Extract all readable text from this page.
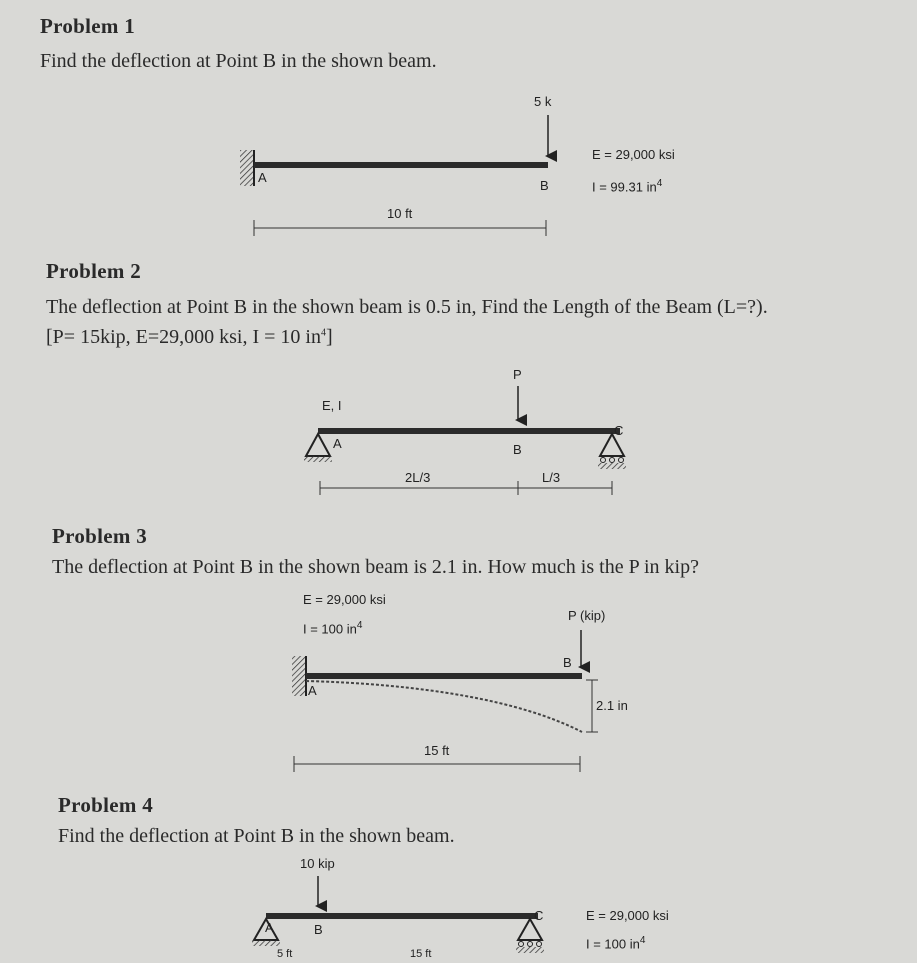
Problem 1
Find the deflection at Point B in the shown beam.
A
B
5 k
10 ft
E = 29,000 ksi
I = 99.31 $in^4$
Problem 2
The deflection at Point B in the shown beam is 0.5 in, Find the Length of the Beam (L=?).
[P= 15kip, E=29,000 ksi, I = 10 $in^4$]
E, I
P
A	B
C
2L/3	L/3
Problem 3
The deflection at Point B in the shown beam is 2.1 in. How much is the P in kip?
E = 29,000 ksi
I = 100 $in^4$
P (kip)
A
B
2.1 in
15 ft
Problem 4
Find the deflection at Point B in the shown beam.
10 kip
A	B
C
5 ft	15 ft
E = 29,000 ksi
I = 100 $in^4$
